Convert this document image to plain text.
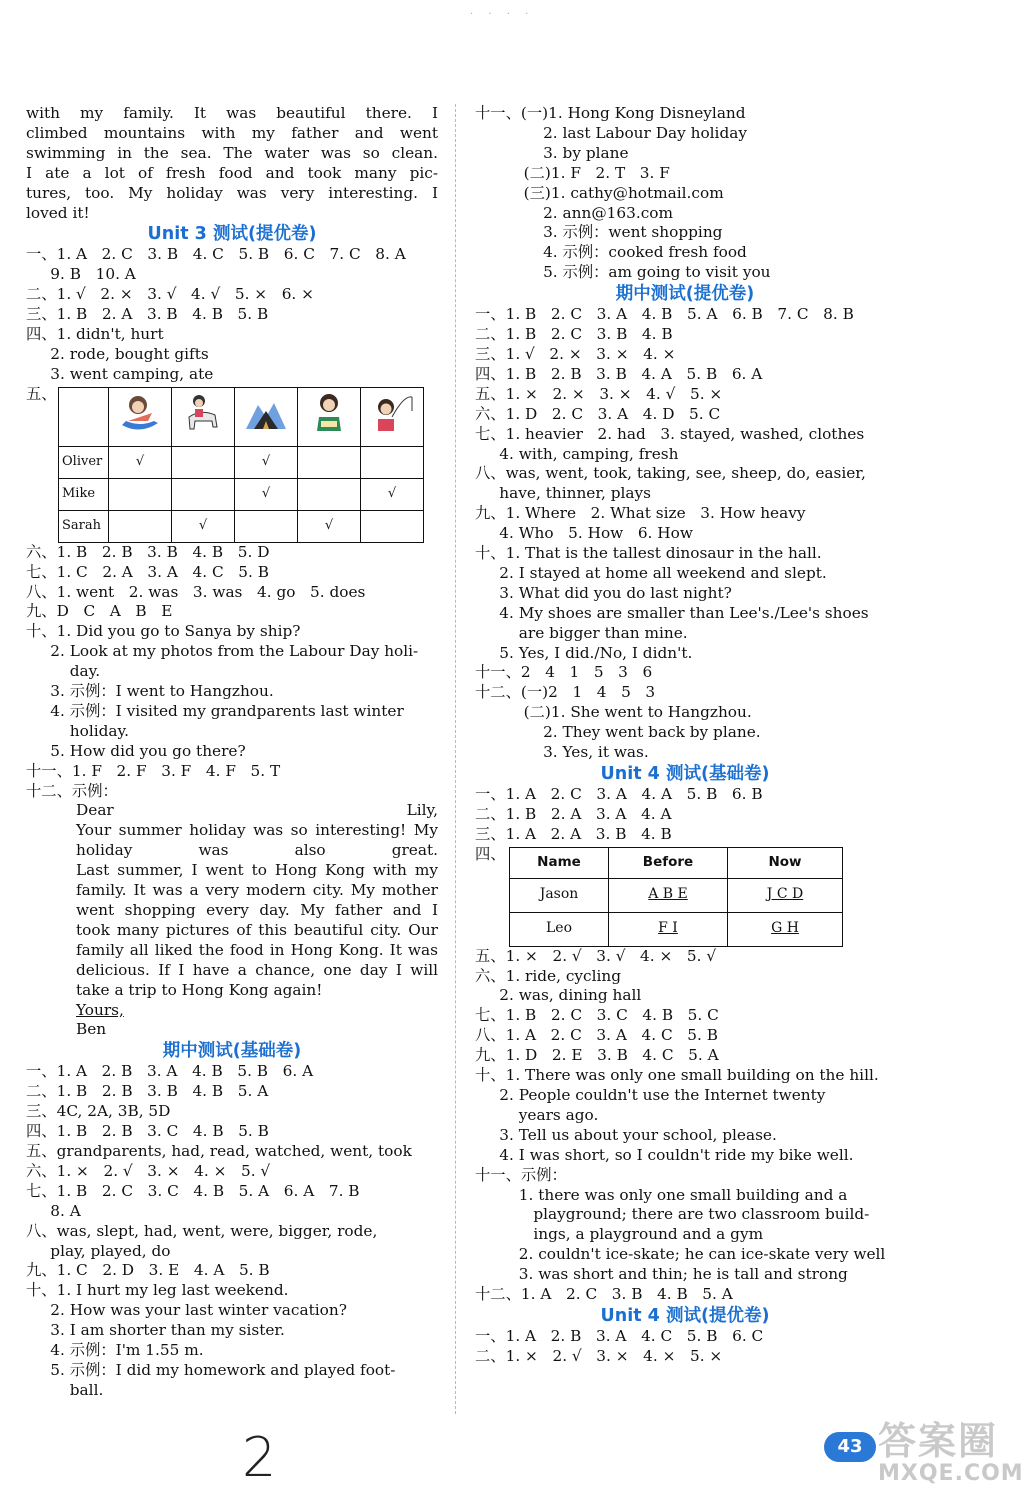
. . . .
with my family. It was beautiful there. I
climbed mountains with my father and went
swimming in the sea. The water was so clean.
I ate a lot of fresh food and took many pic-
tures, too. My holiday was very interesting. I
loved it!
Unit 3 测试(提优卷)
一、1. A   2. C   3. B   4. C   5. B   6. C   7. C   8. A
9. B   10. A
二、1. √   2. ×   3. √   4. √   5. ×   6. ×
三、1. B   2. A   3. B   4. B   5. B
四、1. didn't, hurt
2. rode, bought gifts
3. went camping, ate
五、

Oliver	√		√		
Mike			√		√
Sarah		√		√	
六、1. B   2. B   3. B   4. B   5. D
七、1. C   2. A   3. A   4. C   5. B
八、1. went   2. was   3. was   4. go   5. does
九、D   C   A   B   E
十、1. Did you go to Sanya by ship?
2. Look at my photos from the Labour Day holi-
day.
3. 示例：I went to Hangzhou.
4. 示例：I visited my grandparents last winter
holiday.
5. How did you go there?
十一、1. F   2. F   3. F   4. F   5. T
十二、示例：
Dear Lily,
Your summer holiday was so interesting! My
holiday was also great.
Last summer, I went to Hong Kong with my
family. It was a very modern city. My mother
went shopping every day. My father and I
took many pictures of this beautiful city. Our
family all liked the food in Hong Kong. It was
delicious. If I have a chance, one day I will
take a trip to Hong Kong again!
Yours,
Ben
期中测试(基础卷)
一、1. A   2. B   3. A   4. B   5. B   6. A
二、1. B   2. B   3. B   4. B   5. A
三、4C, 2A, 3B, 5D
四、1. B   2. B   3. C   4. B   5. B
五、grandparents, had, read, watched, went, took
六、1. ×   2. √   3. ×   4. ×   5. √
七、1. B   2. C   3. C   4. B   5. A   6. A   7. B
8. A
八、was, slept, had, went, were, bigger, rode,
play, played, do
九、1. C   2. D   3. E   4. A   5. B
十、1. I hurt my leg last weekend.
2. How was your last winter vacation?
3. I am shorter than my sister.
4. 示例：I'm 1.55 m.
5. 示例：I did my homework and played foot-
ball.
十一、(一)1. Hong Kong Disneyland
2. last Labour Day holiday
3. by plane
(二)1. F   2. T   3. F
(三)1. cathy@hotmail.com
2. ann@163.com
3. 示例：went shopping
4. 示例：cooked fresh food
5. 示例：am going to visit you
期中测试(提优卷)
一、1. B   2. C   3. A   4. B   5. A   6. B   7. C   8. B
二、1. B   2. C   3. B   4. B
三、1. √   2. ×   3. ×   4. ×
四、1. B   2. B   3. B   4. A   5. B   6. A
五、1. ×   2. ×   3. ×   4. √   5. ×
六、1. D   2. C   3. A   4. D   5. C
七、1. heavier   2. had   3. stayed, washed, clothes
4. with, camping, fresh
八、was, went, took, taking, see, sheep, do, easier,
have, thinner, plays
九、1. Where   2. What size   3. How heavy
4. Who   5. How   6. How
十、1. That is the tallest dinosaur in the hall.
2. I stayed at home all weekend and slept.
3. What did you do last night?
4. My shoes are smaller than Lee's./Lee's shoes
are bigger than mine.
5. Yes, I did./No, I didn't.
十一、2   4   1   5   3   6
十二、(一)2   1   4   5   3
(二)1. She went to Hangzhou.
2. They went back by plane.
3. Yes, it was.
Unit 4 测试(基础卷)
一、1. A   2. C   3. A   4. A   5. B   6. B
二、1. B   2. A   3. A   4. A
三、1. A   2. A   3. B   4. B
四、	Name	Before	Now
Jason	A B E	J C D
Leo	F I	G H
五、1. ×   2. √   3. √   4. ×   5. √
六、1. ride, cycling
2. was, dining hall
七、1. B   2. C   3. C   4. B   5. C
八、1. A   2. C   3. A   4. C   5. B
九、1. D   2. E   3. B   4. C   5. A
十、1. There was only one small building on the hill.
2. People couldn't use the Internet twenty
years ago.
3. Tell us about your school, please.
4. I was short, so I couldn't ride my bike well.
十一、示例：
1. there was only one small building and a
playground; there are two classroom build-
ings, a playground and a gym
2. couldn't ice-skate; he can ice-skate very well
3. was short and thin; he is tall and strong
十二、1. A   2. C   3. B   4. B   5. A
Unit 4 测试(提优卷)
一、1. A   2. B   3. A   4. C   5. B   6. C
二、1. ×   2. √   3. ×   4. ×   5. ×
2	43 答案圈
MXQE.COM
